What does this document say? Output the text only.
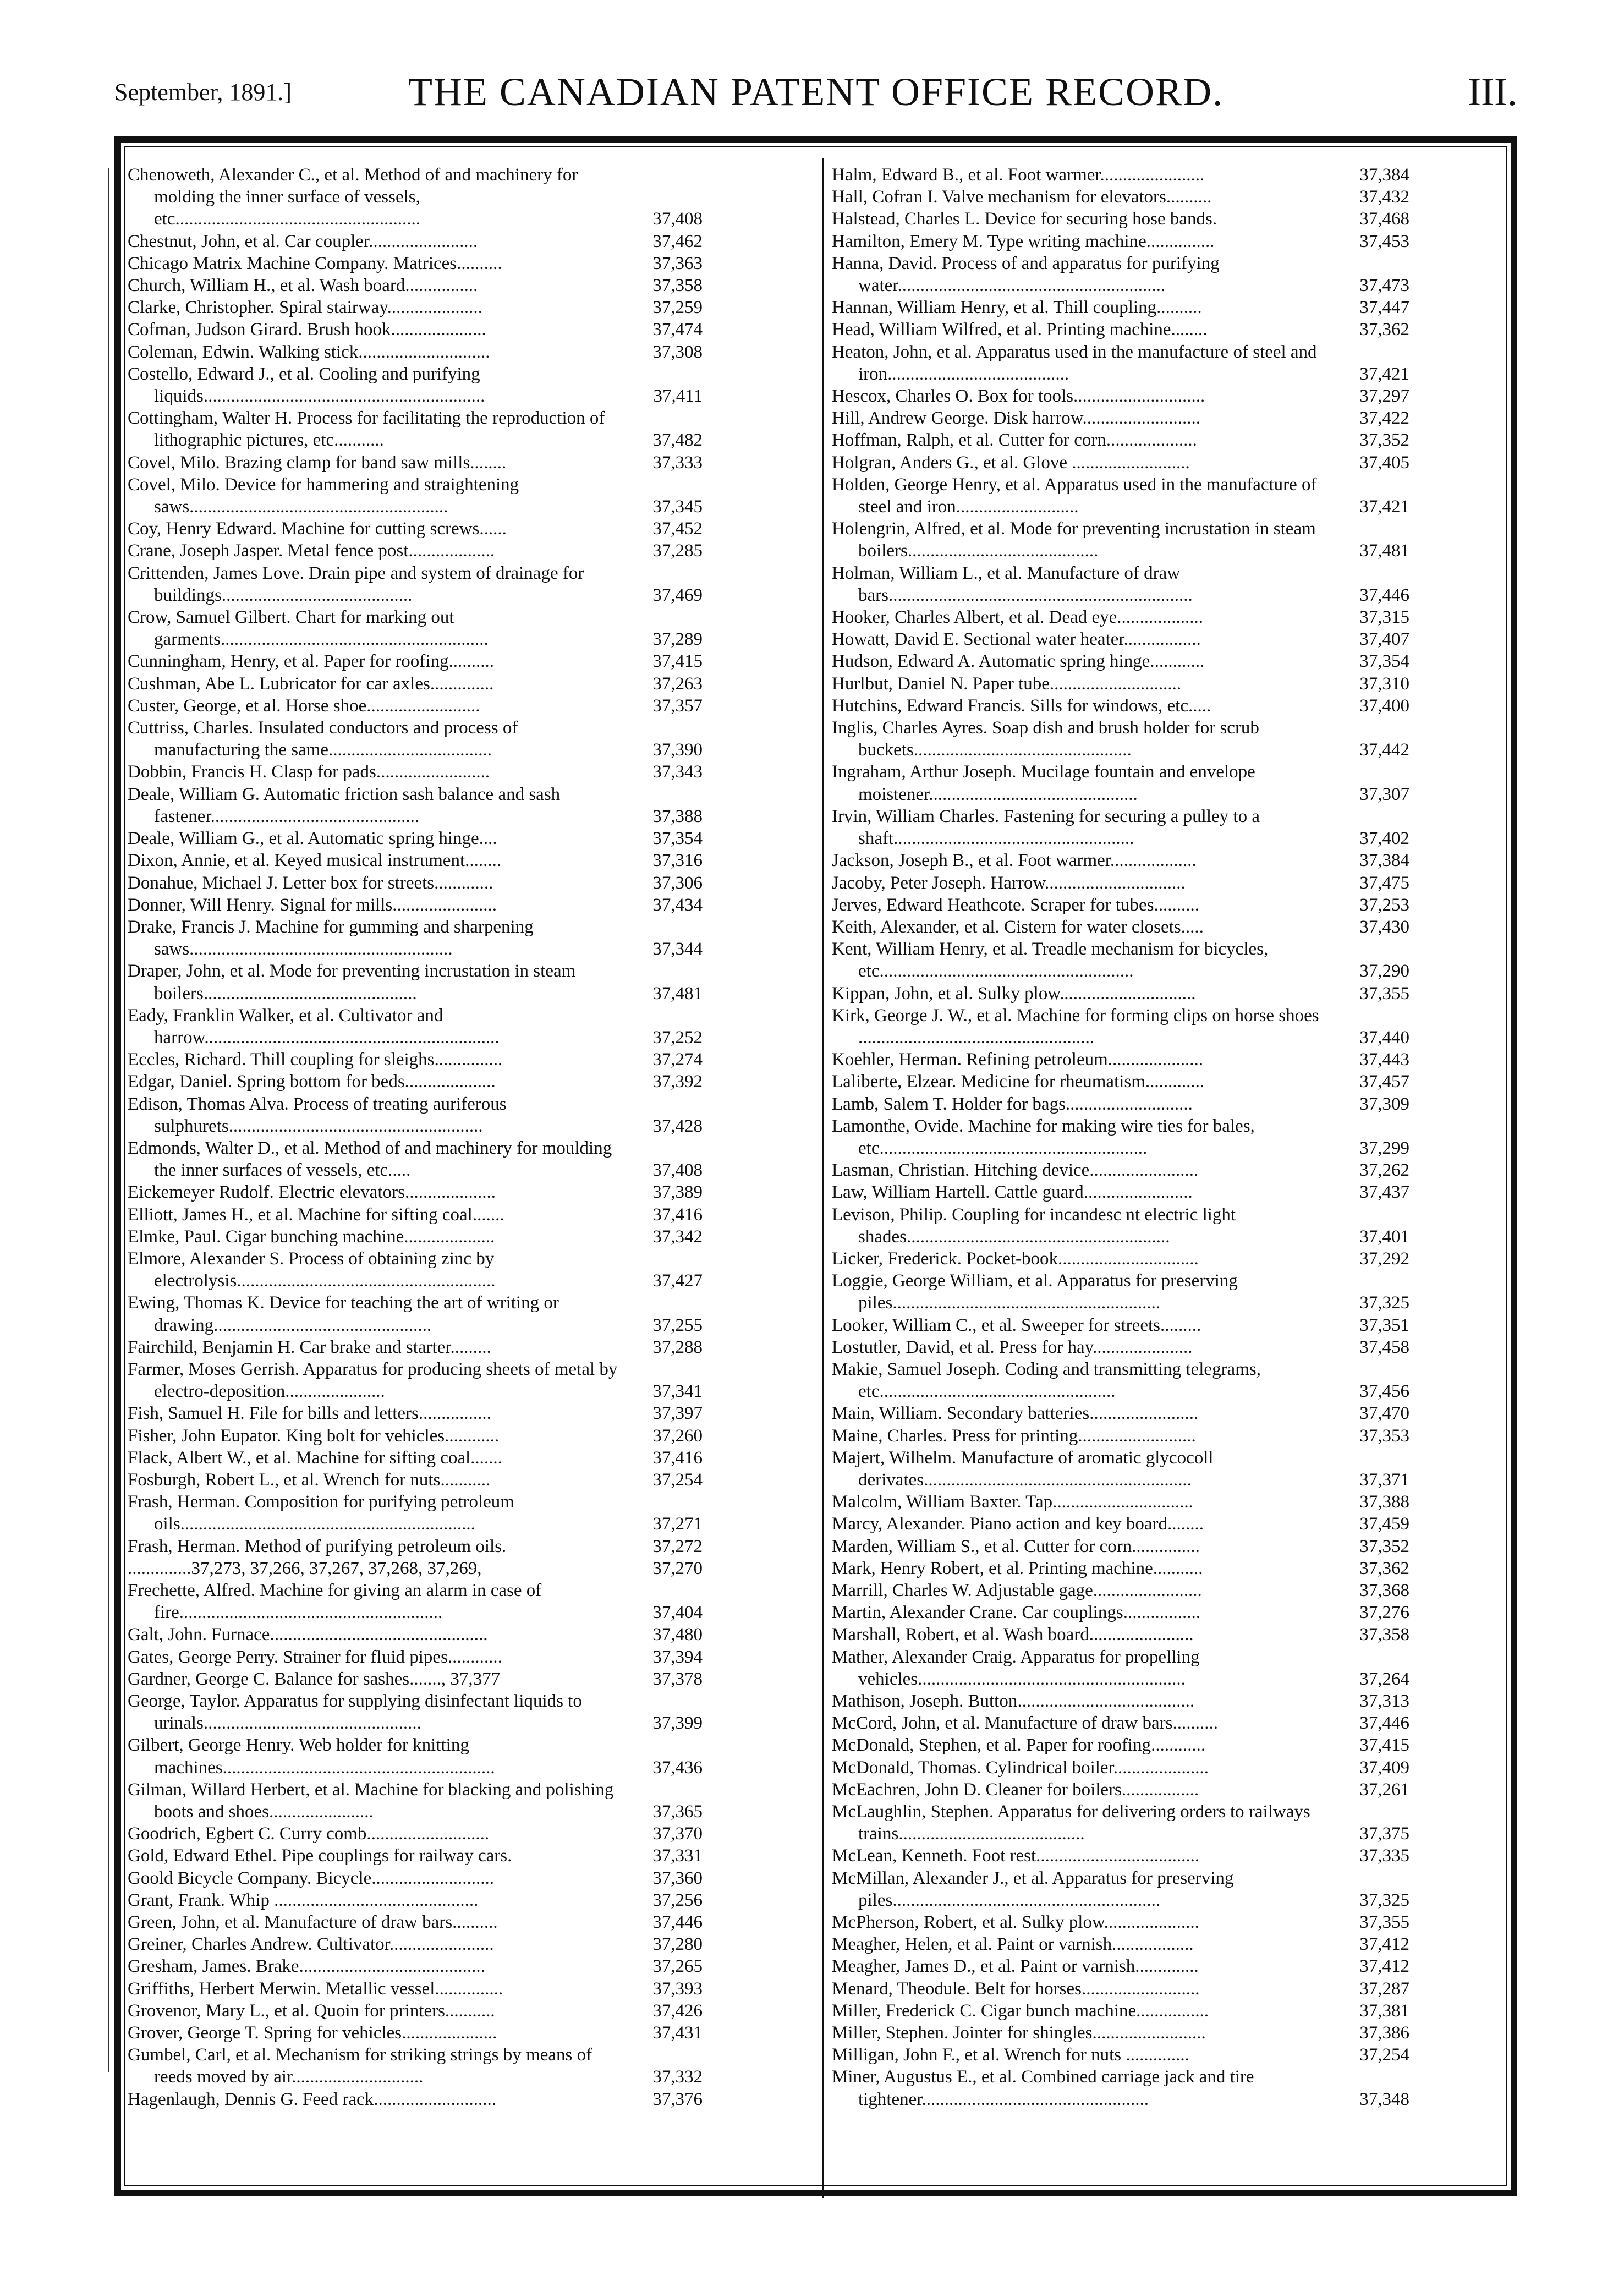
September, 1891.]	THE CANADIAN PATENT OFFICE RECORD.	III.
Chenoweth, Alexander C., et al. Method of and machinery for molding the inner surface of vessels, etc......................................................	37,408
Chestnut, John, et al. Car coupler........................	37,462
Chicago Matrix Machine Company. Matrices..........	37,363
Church, William H., et al. Wash board................	37,358
Clarke, Christopher. Spiral stairway.....................	37,259
Cofman, Judson Girard. Brush hook.....................	37,474
Coleman, Edwin. Walking stick.............................	37,308
Costello, Edward J., et al. Cooling and purifying liquids..............................................................	37,411
Cottingham, Walter H. Process for facilitating the reproduction of lithographic pictures, etc...........	37,482
Covel, Milo. Brazing clamp for band saw mills........	37,333
Covel, Milo. Device for hammering and straightening saws.........................................................	37,345
Coy, Henry Edward. Machine for cutting screws......	37,452
Crane, Joseph Jasper. Metal fence post...................	37,285
Crittenden, James Love. Drain pipe and system of drainage for buildings..........................................	37,469
Crow, Samuel Gilbert. Chart for marking out garments...........................................................	37,289
Cunningham, Henry, et al. Paper for roofing..........	37,415
Cushman, Abe L. Lubricator for car axles..............	37,263
Custer, George, et al. Horse shoe.........................	37,357
Cuttriss, Charles. Insulated conductors and process of manufacturing the same....................................	37,390
Dobbin, Francis H. Clasp for pads.........................	37,343
Deale, William G. Automatic friction sash balance and sash fastener..............................................	37,388
Deale, William G., et al. Automatic spring hinge....	37,354
Dixon, Annie, et al. Keyed musical instrument........	37,316
Donahue, Michael J. Letter box for streets.............	37,306
Donner, Will Henry. Signal for mills.......................	37,434
Drake, Francis J. Machine for gumming and sharpening saws..........................................................	37,344
Draper, John, et al. Mode for preventing incrustation in steam boilers...............................................	37,481
Eady, Franklin Walker, et al. Cultivator and harrow.................................................................	37,252
Eccles, Richard. Thill coupling for sleighs...............	37,274
Edgar, Daniel. Spring bottom for beds....................	37,392
Edison, Thomas Alva. Process of treating auriferous sulphurets........................................................	37,428
Edmonds, Walter D., et al. Method of and machinery for moulding the inner surfaces of vessels, etc.....	37,408
Eickemeyer Rudolf. Electric elevators....................	37,389
Elliott, James H., et al. Machine for sifting coal.......	37,416
Elmke, Paul. Cigar bunching machine....................	37,342
Elmore, Alexander S. Process of obtaining zinc by electrolysis.........................................................	37,427
Ewing, Thomas K. Device for teaching the art of writing or drawing................................................	37,255
Fairchild, Benjamin H. Car brake and starter.........	37,288
Farmer, Moses Gerrish. Apparatus for producing sheets of metal by electro-deposition......................	37,341
Fish, Samuel H. File for bills and letters................	37,397
Fisher, John Eupator. King bolt for vehicles............	37,260
Flack, Albert W., et al. Machine for sifting coal.......	37,416
Fosburgh, Robert L., et al. Wrench for nuts...........	37,254
Frash, Herman. Composition for purifying petroleum oils.................................................................	37,271
Frash, Herman. Method of purifying petroleum oils.	37,272
..............37,273, 37,266, 37,267, 37,268, 37,269,	37,270
Frechette, Alfred. Machine for giving an alarm in case of fire..........................................................	37,404
Galt, John. Furnace................................................	37,480
Gates, George Perry. Strainer for fluid pipes............	37,394
Gardner, George C. Balance for sashes......., 37,377	37,378
George, Taylor. Apparatus for supplying disinfectant liquids to urinals................................................	37,399
Gilbert, George Henry. Web holder for knitting machines............................................................	37,436
Gilman, Willard Herbert, et al. Machine for blacking and polishing boots and shoes.......................	37,365
Goodrich, Egbert C. Curry comb...........................	37,370
Gold, Edward Ethel. Pipe couplings for railway cars.	37,331
Goold Bicycle Company. Bicycle...........................	37,360
Grant, Frank. Whip .............................................	37,256
Green, John, et al. Manufacture of draw bars..........	37,446
Greiner, Charles Andrew. Cultivator.......................	37,280
Gresham, James. Brake.........................................	37,265
Griffiths, Herbert Merwin. Metallic vessel...............	37,393
Grovenor, Mary L., et al. Quoin for printers...........	37,426
Grover, George T. Spring for vehicles.....................	37,431
Gumbel, Carl, et al. Mechanism for striking strings by means of reeds moved by air.............................	37,332
Hagenlaugh, Dennis G. Feed rack...........................	37,376
Halm, Edward B., et al. Foot warmer.......................	37,384
Hall, Cofran I. Valve mechanism for elevators..........	37,432
Halstead, Charles L. Device for securing hose bands.	37,468
Hamilton, Emery M. Type writing machine...............	37,453
Hanna, David. Process of and apparatus for purifying water...........................................................	37,473
Hannan, William Henry, et al. Thill coupling..........	37,447
Head, William Wilfred, et al. Printing machine........	37,362
Heaton, John, et al. Apparatus used in the manufacture of steel and iron........................................	37,421
Hescox, Charles O. Box for tools.............................	37,297
Hill, Andrew George. Disk harrow..........................	37,422
Hoffman, Ralph, et al. Cutter for corn....................	37,352
Holgran, Anders G., et al. Glove ..........................	37,405
Holden, George Henry, et al. Apparatus used in the manufacture of steel and iron...........................	37,421
Holengrin, Alfred, et al. Mode for preventing incrustation in steam boilers..........................................	37,481
Holman, William L., et al. Manufacture of draw bars...................................................................	37,446
Hooker, Charles Albert, et al. Dead eye...................	37,315
Howatt, David E. Sectional water heater.................	37,407
Hudson, Edward A. Automatic spring hinge............	37,354
Hurlbut, Daniel N. Paper tube.............................	37,310
Hutchins, Edward Francis. Sills for windows, etc.....	37,400
Inglis, Charles Ayres. Soap dish and brush holder for scrub buckets................................................	37,442
Ingraham, Arthur Joseph. Mucilage fountain and envelope moistener..............................................	37,307
Irvin, William Charles. Fastening for securing a pulley to a shaft.....................................................	37,402
Jackson, Joseph B., et al. Foot warmer...................	37,384
Jacoby, Peter Joseph. Harrow...............................	37,475
Jerves, Edward Heathcote. Scraper for tubes..........	37,253
Keith, Alexander, et al. Cistern for water closets.....	37,430
Kent, William Henry, et al. Treadle mechanism for bicycles, etc........................................................	37,290
Kippan, John, et al. Sulky plow..............................	37,355
Kirk, George J. W., et al. Machine for forming clips on horse shoes ....................................................	37,440
Koehler, Herman. Refining petroleum.....................	37,443
Laliberte, Elzear. Medicine for rheumatism.............	37,457
Lamb, Salem T. Holder for bags............................	37,309
Lamonthe, Ovide. Machine for making wire ties for bales, etc...........................................................	37,299
Lasman, Christian. Hitching device........................	37,262
Law, William Hartell. Cattle guard........................	37,437
Levison, Philip. Coupling for incandesc nt electric light shades..........................................................	37,401
Licker, Frederick. Pocket-book...............................	37,292
Loggie, George William, et al. Apparatus for preserving piles...........................................................	37,325
Looker, William C., et al. Sweeper for streets.........	37,351
Lostutler, David, et al. Press for hay......................	37,458
Makie, Samuel Joseph. Coding and transmitting telegrams, etc....................................................	37,456
Main, William. Secondary batteries........................	37,470
Maine, Charles. Press for printing..........................	37,353
Majert, Wilhelm. Manufacture of aromatic glycocoll derivates...........................................................	37,371
Malcolm, William Baxter. Tap...............................	37,388
Marcy, Alexander. Piano action and key board........	37,459
Marden, William S., et al. Cutter for corn...............	37,352
Mark, Henry Robert, et al. Printing machine...........	37,362
Marrill, Charles W. Adjustable gage........................	37,368
Martin, Alexander Crane. Car couplings.................	37,276
Marshall, Robert, et al. Wash board.......................	37,358
Mather, Alexander Craig. Apparatus for propelling vehicles...........................................................	37,264
Mathison, Joseph. Button.......................................	37,313
McCord, John, et al. Manufacture of draw bars..........	37,446
McDonald, Stephen, et al. Paper for roofing............	37,415
McDonald, Thomas. Cylindrical boiler.....................	37,409
McEachren, John D. Cleaner for boilers.................	37,261
McLaughlin, Stephen. Apparatus for delivering orders to railways trains.........................................	37,375
McLean, Kenneth. Foot rest....................................	37,335
McMillan, Alexander J., et al. Apparatus for preserving piles...........................................................	37,325
McPherson, Robert, et al. Sulky plow.....................	37,355
Meagher, Helen, et al. Paint or varnish..................	37,412
Meagher, James D., et al. Paint or varnish..............	37,412
Menard, Theodule. Belt for horses..........................	37,287
Miller, Frederick C. Cigar bunch machine................	37,381
Miller, Stephen. Jointer for shingles.........................	37,386
Milligan, John F., et al. Wrench for nuts ..............	37,254
Miner, Augustus E., et al. Combined carriage jack and tire tightener..................................................	37,348
